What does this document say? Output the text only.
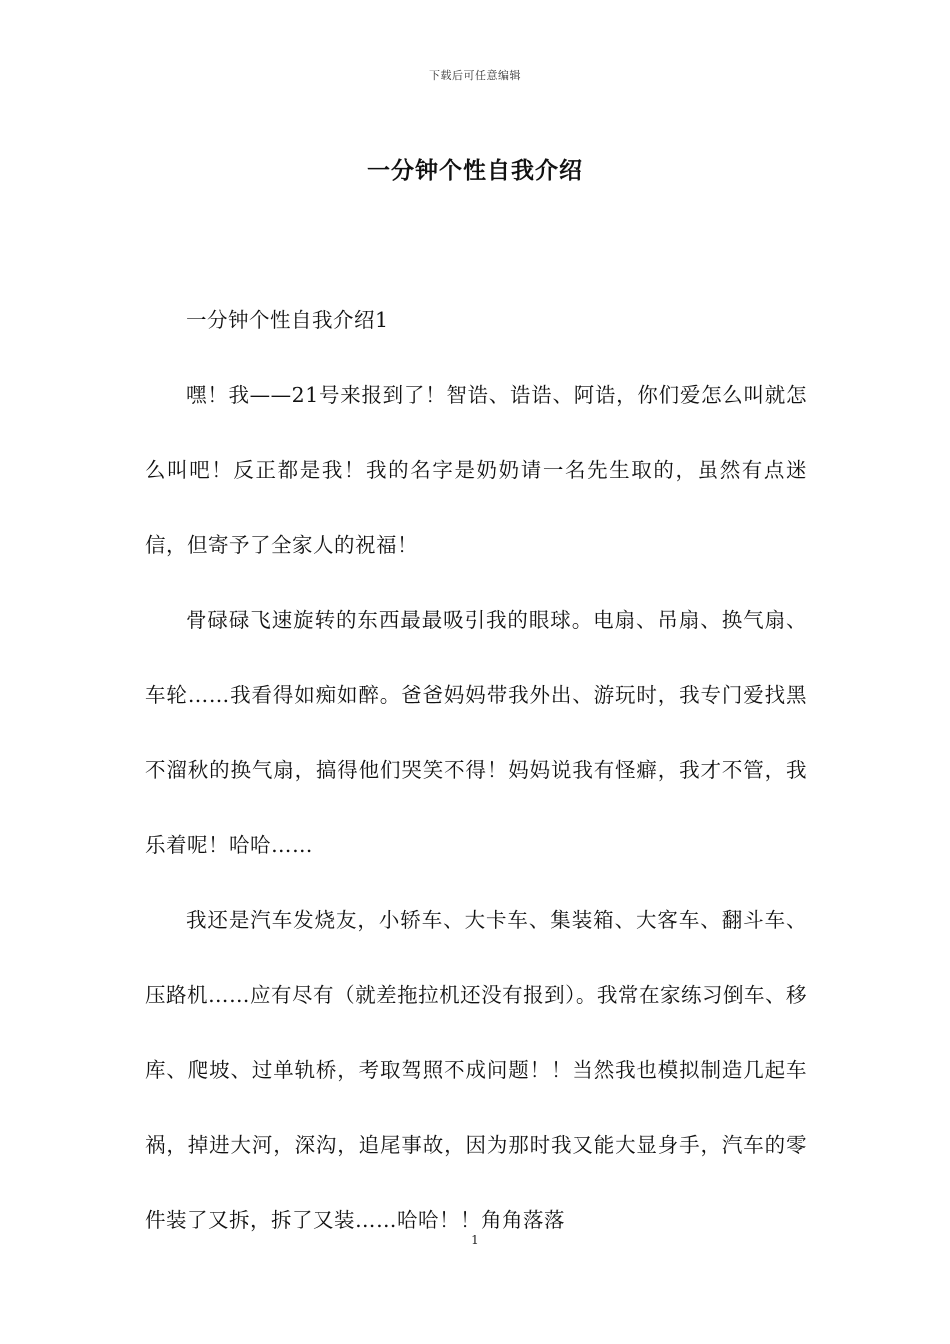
下载后可任意编辑
一分钟个性自我介绍

一分钟个性自我介绍1

嘿！我——21号来报到了！智诰、诰诰、阿诰，你们爱怎么叫就怎么叫吧！反正都是我！我的名字是奶奶请一名先生取的，虽然有点迷信，但寄予了全家人的祝福！

骨碌碌飞速旋转的东西最最吸引我的眼球。电扇、吊扇、换气扇、车轮……我看得如痴如醉。爸爸妈妈带我外出、游玩时，我专门爱找黑不溜秋的换气扇，搞得他们哭笑不得！妈妈说我有怪癖，我才不管，我乐着呢！哈哈……

我还是汽车发烧友，小轿车、大卡车、集装箱、大客车、翻斗车、压路机……应有尽有（就差拖拉机还没有报到）。我常在家练习倒车、移库、爬坡、过单轨桥，考取驾照不成问题！！当然我也模拟制造几起车祸，掉进大河，深沟，追尾事故，因为那时我又能大显身手，汽车的零件装了又拆，拆了又装……哈哈！！角角落落

1
